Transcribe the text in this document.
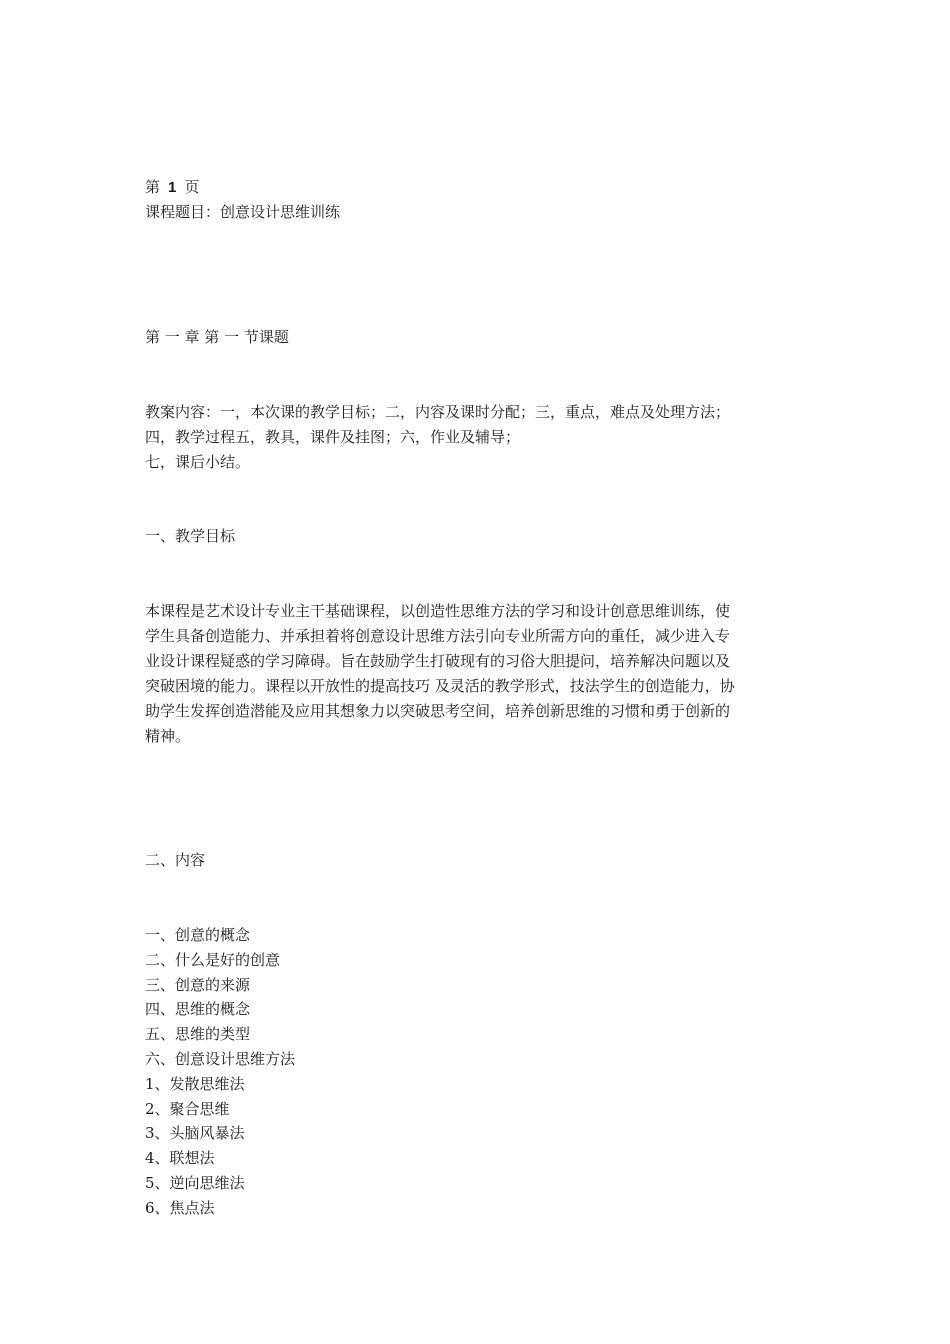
第 1 页

课程题目：创意设计思维训练

第 一 章 第 一 节课题

教案内容：一，本次课的教学目标；二，内容及课时分配；三，重点，难点及处理方法；
四，教学过程五，教具，课件及挂图；六，作业及辅导；
七，课后小结。

一、教学目标

本课程是艺术设计专业主干基础课程，以创造性思维方法的学习和设计创意思维训练，使
学生具备创造能力、并承担着将创意设计思维方法引向专业所需方向的重任，减少进入专
业设计课程疑惑的学习障碍。旨在鼓励学生打破现有的习俗大胆提问，培养解决问题以及
突破困境的能力。课程以开放性的提高技巧 及灵活的教学形式，技法学生的创造能力，协
助学生发挥创造潜能及应用其想象力以突破思考空间，培养创新思维的习惯和勇于创新的
精神。

二、内容

一、创意的概念
二、什么是好的创意
三、创意的来源
四、思维的概念
五、思维的类型
六、创意设计思维方法
1、发散思维法
2、聚合思维
3、头脑风暴法
4、联想法
5、逆向思维法
6、焦点法
